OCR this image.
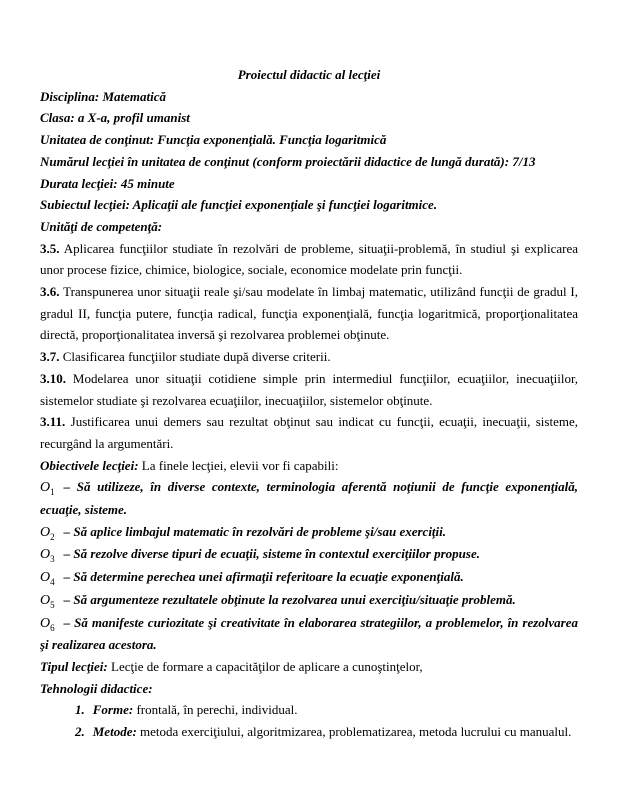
Proiectul didactic al lecţiei

Disciplina: Matematică

Clasa: a X-a, profil umanist

Unitatea de conţinut: Funcţia exponenţială. Funcţia logaritmică

Numărul lecţiei în unitatea de conţinut (conform proiectării didactice de lungă durată): 7/13

Durata lecţiei: 45 minute

Subiectul lecţiei: Aplicaţii ale funcţiei exponenţiale şi funcţiei logaritmice.

Unităţi de competenţă:

3.5. Aplicarea funcţiilor studiate în rezolvări de probleme, situaţii-problemă, în studiul şi explicarea unor procese fizice, chimice, biologice, sociale, economice modelate prin funcţii.

3.6. Transpunerea unor situaţii reale şi/sau modelate în limbaj matematic, utilizând funcţii de gradul I, gradul II, funcţia putere, funcţia radical, funcţia exponenţială, funcţia logaritmică, proporţionalitatea directă, proporţionalitatea inversă şi rezolvarea problemei obţinute.

3.7. Clasificarea funcţiilor studiate după diverse criterii.

3.10. Modelarea unor situaţii cotidiene simple prin intermediul funcţiilor, ecuaţiilor, inecuaţiilor, sistemelor studiate şi rezolvarea ecuaţiilor, inecuaţiilor, sistemelor obţinute.

3.11. Justificarea unui demers sau rezultat obţinut sau indicat cu funcţii, ecuaţii, inecuaţii, sisteme, recurgând la argumentări.

Obiectivele lecţiei: La finele lecţiei, elevii vor fi capabili:

$O_1$ – Să utilizeze, în diverse contexte, terminologia aferentă noţiunii de funcţie exponenţială, ecuaţie, sisteme.

$O_2$ – Să aplice limbajul matematic în rezolvări de probleme şi/sau exerciţii.

$O_3$ – Să rezolve diverse tipuri de ecuaţii, sisteme în contextul exerciţiilor propuse.

$O_4$ – Să determine perechea unei afirmaţii referitoare la ecuaţie exponenţială.

$O_5$ – Să argumenteze rezultatele obţinute la rezolvarea unui exerciţiu/situaţie problemă.

$O_6$ – Să manifeste curiozitate şi creativitate în elaborarea strategiilor, a problemelor, în rezolvarea şi realizarea acestora.

Tipul lecţiei: Lecţie de formare a capacităţilor de aplicare a cunoştinţelor,

Tehnologii didactice:

1. Forme: frontală, în perechi, individual.

2. Metode: metoda exerciţiului, algoritmizarea, problematizarea, metoda lucrului cu manualul.
